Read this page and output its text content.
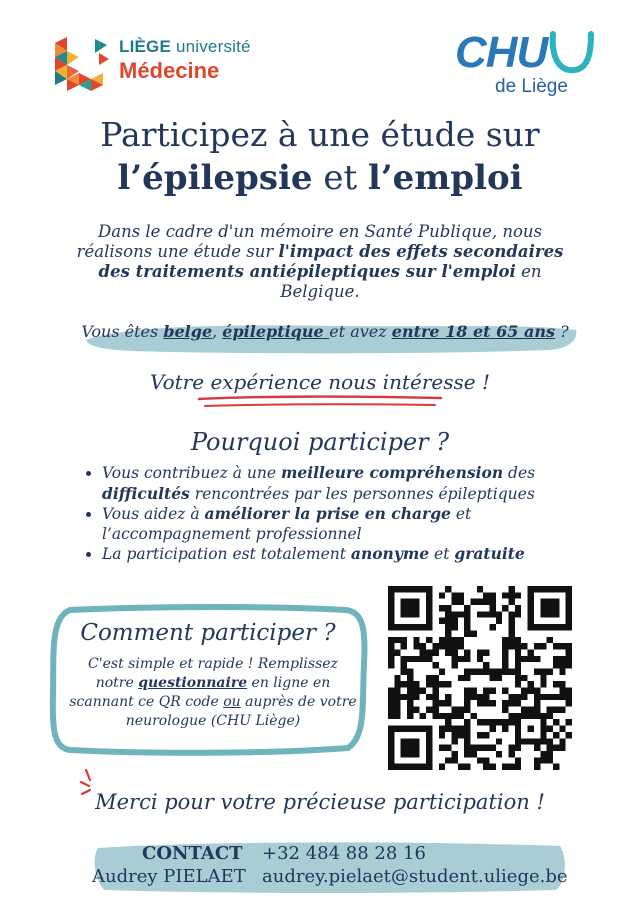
LIÈGE université
Médecine	CHU
de Liège
Participez à une étude sur
l’épilepsie et l’emploi
Dans le cadre d'un mémoire en Santé Publique, nous réalisons une étude sur l'impact des effets secondaires des traitements antiépileptiques sur l'emploi en Belgique.
Vous êtes belge, épileptique et avez entre 18 et 65 ans ?
Votre expérience nous intéresse !
Pourquoi participer ?
• Vous contribuez à une meilleure compréhension des difficultés rencontrées par les personnes épileptiques
• Vous aidez à améliorer la prise en charge et l’accompagnement professionnel
• La participation est totalement anonyme et gratuite
Comment participer ?
C'est simple et rapide ! Remplissez notre questionnaire en ligne en scannant ce QR code ou auprès de votre neurologue (CHU Liège)
Merci pour votre précieuse participation !
CONTACT +32 484 88 28 16
Audrey PIELAET audrey.pielaet@student.uliege.be
